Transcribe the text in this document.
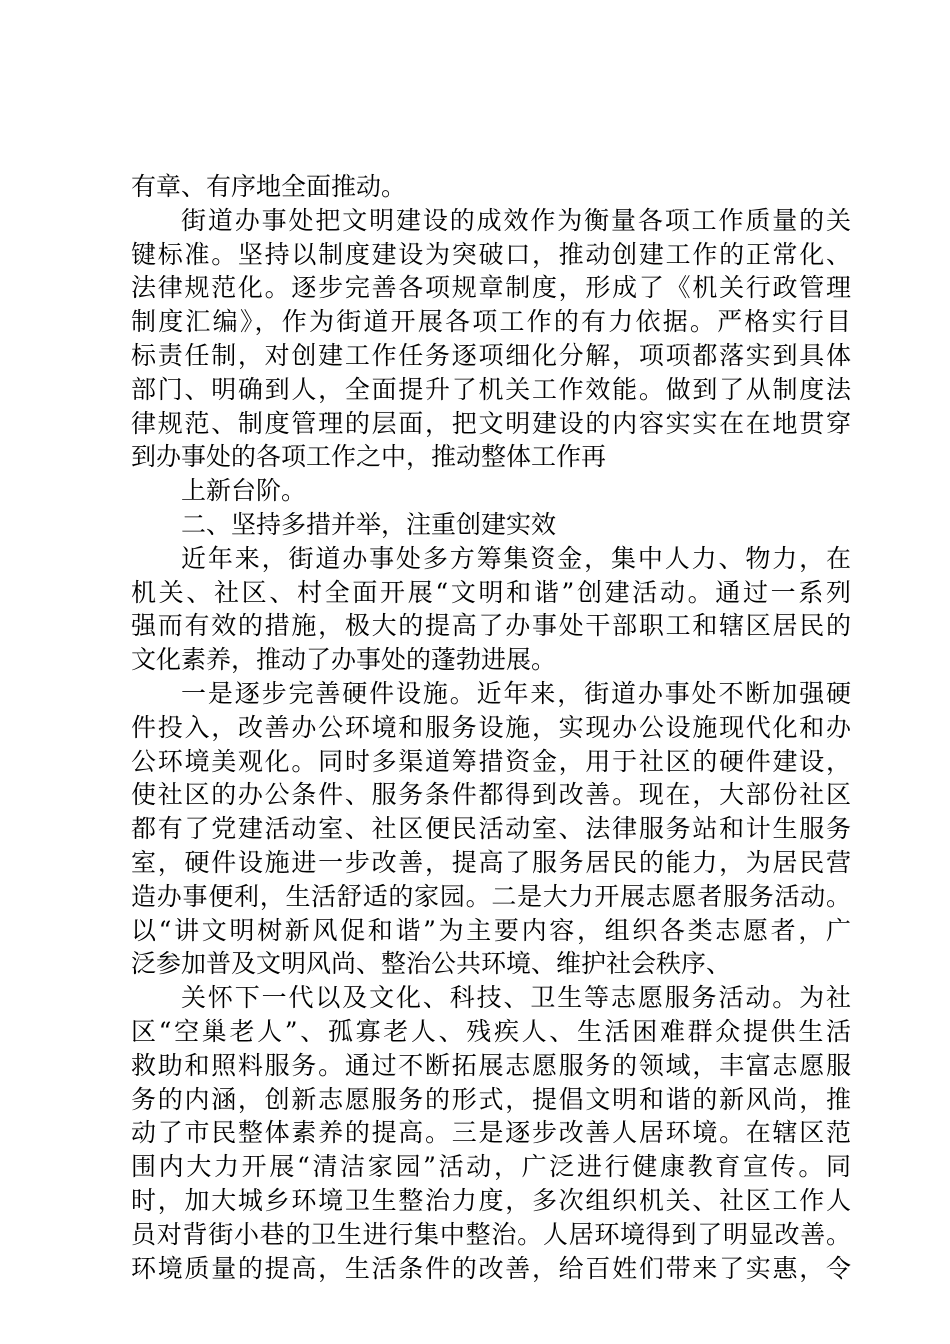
有章、有序地全面推动。
街道办事处把文明建设的成效作为衡量各项工作质量的关
键标准。坚持以制度建设为突破口，推动创建工作的正常化、
法律规范化。逐步完善各项规章制度，形成了《机关行政管理
制度汇编》，作为街道开展各项工作的有力依据。严格实行目
标责任制，对创建工作任务逐项细化分解，项项都落实到具体
部门、明确到人，全面提升了机关工作效能。做到了从制度法
律规范、制度管理的层面，把文明建设的内容实实在在地贯穿
到办事处的各项工作之中，推动整体工作再
上新台阶。
二、坚持多措并举，注重创建实效
近年来，街道办事处多方筹集资金，集中人力、物力，在
机关、社区、村全面开展“文明和谐”创建活动。通过一系列
强而有效的措施，极大的提高了办事处干部职工和辖区居民的
文化素养，推动了办事处的蓬勃进展。
一是逐步完善硬件设施。近年来，街道办事处不断加强硬
件投入，改善办公环境和服务设施，实现办公设施现代化和办
公环境美观化。同时多渠道筹措资金，用于社区的硬件建设，
使社区的办公条件、服务条件都得到改善。现在，大部份社区
都有了党建活动室、社区便民活动室、法律服务站和计生服务
室，硬件设施进一步改善，提高了服务居民的能力，为居民营
造办事便利，生活舒适的家园。二是大力开展志愿者服务活动。
以“讲文明树新风促和谐”为主要内容，组织各类志愿者，广
泛参加普及文明风尚、整治公共环境、维护社会秩序、
关怀下一代以及文化、科技、卫生等志愿服务活动。为社
区“空巢老人”、孤寡老人、残疾人、生活困难群众提供生活
救助和照料服务。通过不断拓展志愿服务的领域，丰富志愿服
务的内涵，创新志愿服务的形式，提倡文明和谐的新风尚，推
动了市民整体素养的提高。三是逐步改善人居环境。在辖区范
围内大力开展“清洁家园”活动，广泛进行健康教育宣传。同
时，加大城乡环境卫生整治力度，多次组织机关、社区工作人
员对背街小巷的卫生进行集中整治。人居环境得到了明显改善。
环境质量的提高，生活条件的改善，给百姓们带来了实惠，令
